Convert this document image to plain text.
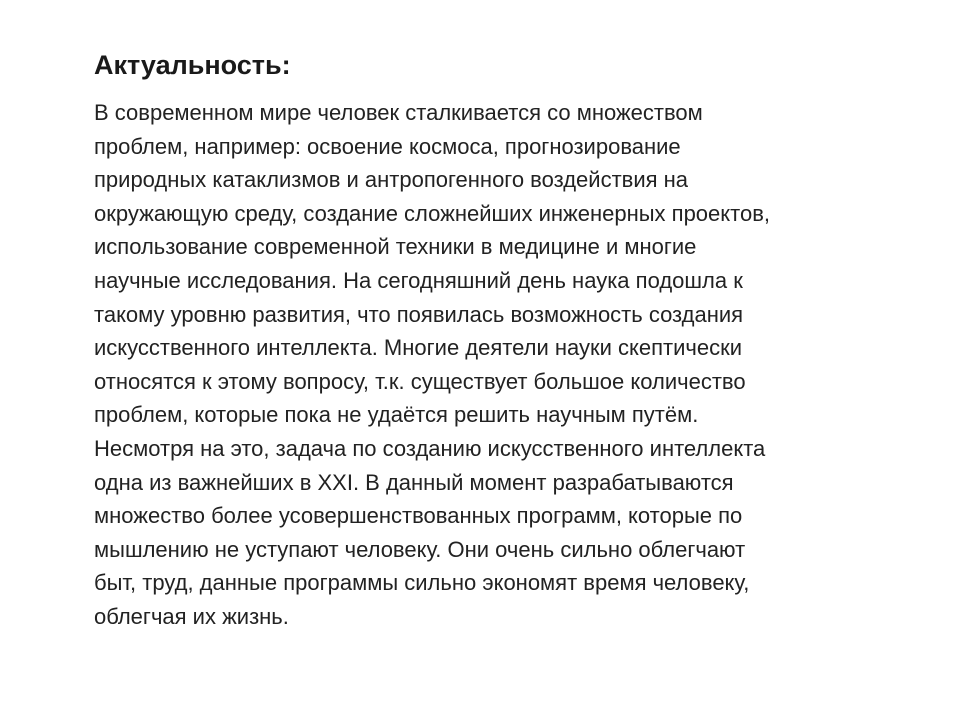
Актуальность:
В современном мире человек сталкивается со множеством
проблем, например: освоение космоса, прогнозирование
природных катаклизмов и антропогенного воздействия на
окружающую среду, создание сложнейших инженерных проектов,
использование современной техники в медицине и многие
научные исследования. На сегодняшний день наука подошла к
такому уровню развития, что появилась возможность создания
искусственного интеллекта. Многие деятели науки скептически
относятся к этому вопросу, т.к. существует большое количество
проблем, которые пока не удаётся решить научным путём.
Несмотря на это, задача по созданию искусственного интеллекта
одна из важнейших в XXI. В данный момент разрабатываются
множество более усовершенствованных программ, которые по
мышлению не уступают человеку. Они очень сильно облегчают
быт, труд, данные программы сильно экономят время человеку,
облегчая их жизнь.
